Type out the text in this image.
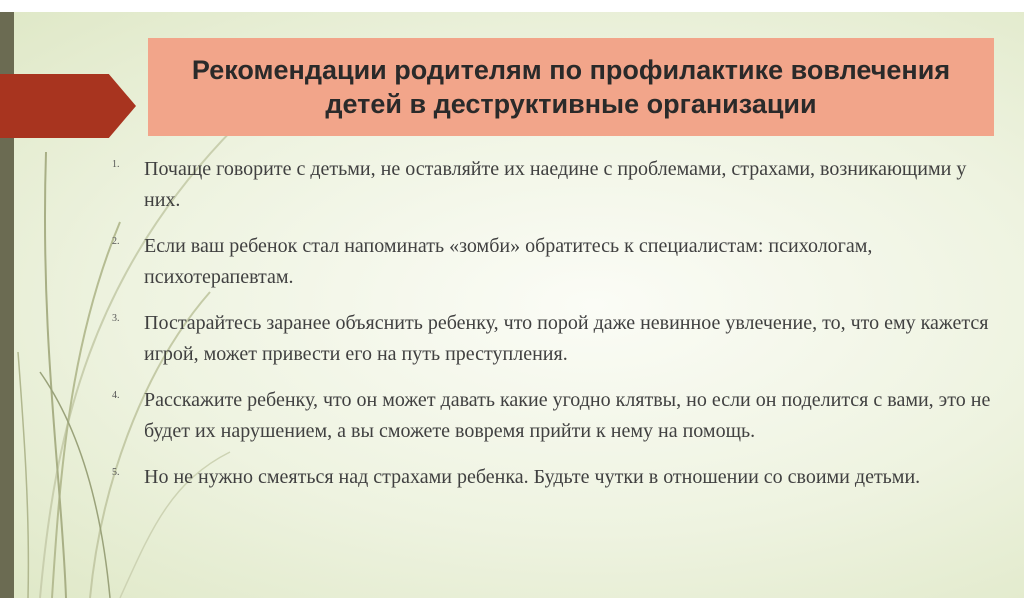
Рекомендации родителям по профилактике вовлечения детей в деструктивные организации
1.	Почаще говорите с детьми, не оставляйте их наедине с проблемами, страхами, возникающими у них.
2.	Если ваш ребенок стал напоминать «зомби» обратитесь к специалистам: психологам, психотерапевтам.
3.	Постарайтесь заранее объяснить ребенку, что порой даже невинное увлечение, то, что ему кажется игрой, может привести его на путь преступления.
4.	Расскажите ребенку, что он может давать какие угодно клятвы, но если он поделится с вами, это не будет их нарушением, а вы сможете вовремя прийти к нему на помощь.
5.	Но не нужно смеяться над страхами ребенка. Будьте чутки в отношении со своими детьми.
